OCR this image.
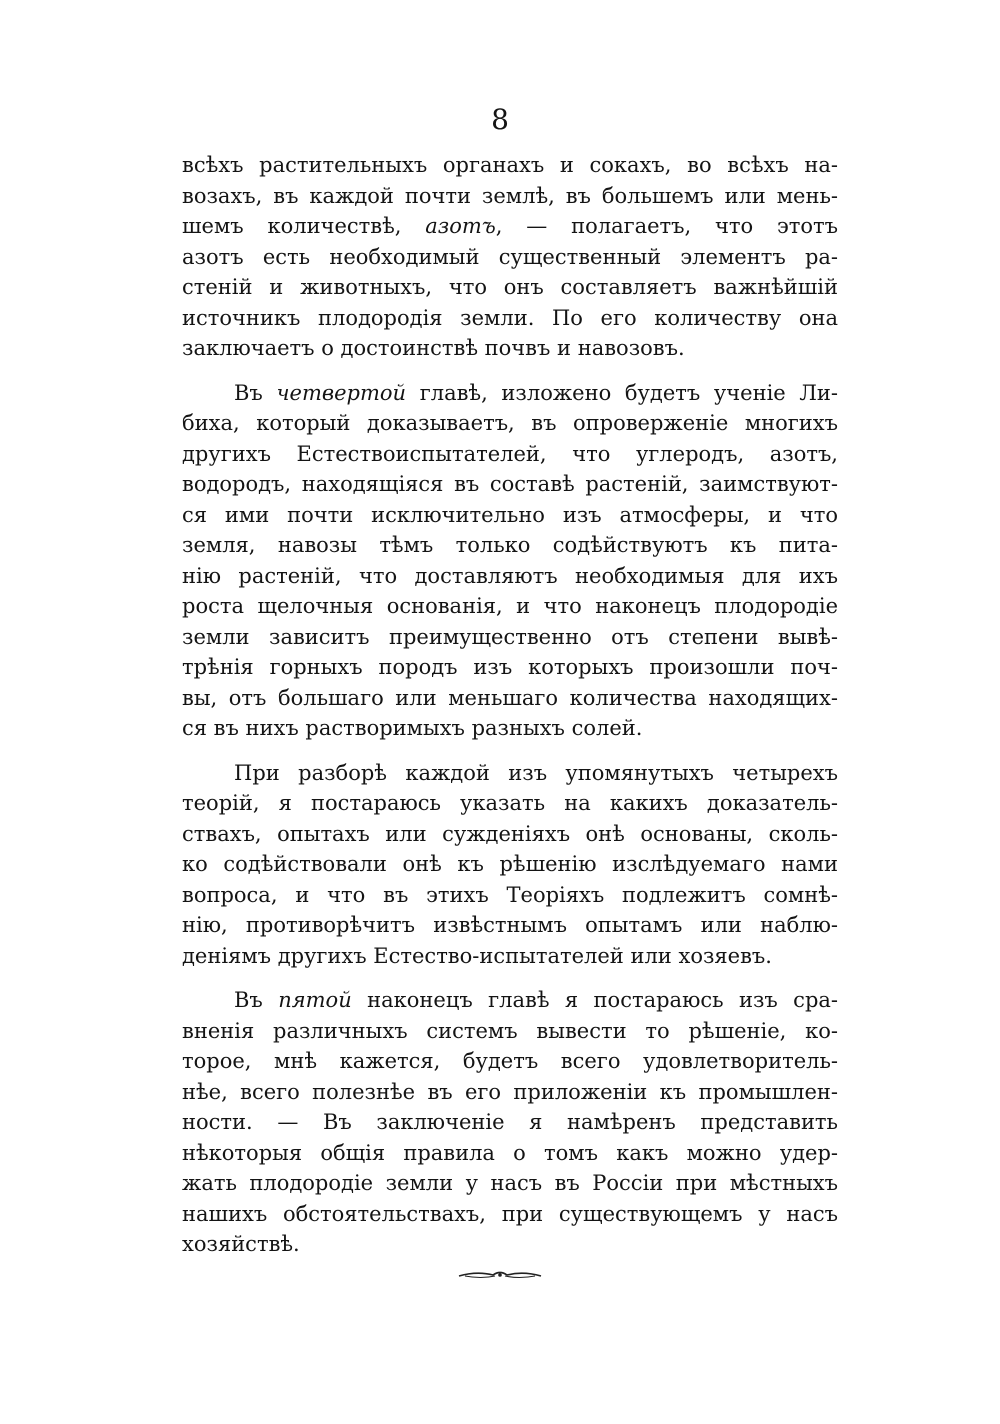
8
всѣхъ растительныхъ органахъ и сокахъ, во всѣхъ на-
возахъ, въ каждой почти землѣ, въ большемъ или мень-
шемъ количествѣ, азотъ, — полагаетъ, что этотъ
азотъ есть необходимый существенный элементъ ра-
стеній и животныхъ, что онъ составляетъ важнѣйшій
источникъ плодородія земли. По его количеству она
заключаетъ о достоинствѣ почвъ и навозовъ.
Въ четвертой главѣ, изложено будетъ ученіе Ли-
биха, который доказываетъ, въ опроверженіе многихъ
другихъ Естествоиспытателей, что углеродъ, азотъ,
водородъ, находящіяся въ составѣ растеній, заимствуют-
ся ими почти исключительно изъ атмосферы, и что
земля, навозы тѣмъ только содѣйствуютъ къ пита-
нію растеній, что доставляютъ необходимыя для ихъ
роста щелочныя основанія, и что наконецъ плодородіе
земли зависитъ преимущественно отъ степени вывѣ-
трѣнія горныхъ породъ изъ которыхъ произошли поч-
вы, отъ большаго или меньшаго количества находящих-
ся въ нихъ растворимыхъ разныхъ солей.
При разборѣ каждой изъ упомянутыхъ четырехъ
теорій, я постараюсь указать на какихъ доказатель-
ствахъ, опытахъ или сужденіяхъ онѣ основаны, сколь-
ко содѣйствовали онѣ къ рѣшенію изслѣдуемаго нами
вопроса, и что въ этихъ Теоріяхъ подлежитъ сомнѣ-
нію, противорѣчитъ извѣстнымъ опытамъ или наблю-
деніямъ другихъ Естество-испытателей или хозяевъ.
Въ пятой наконецъ главѣ я постараюсь изъ сра-
вненія различныхъ системъ вывести то рѣшеніе, ко-
торое, мнѣ кажется, будетъ всего удовлетворитель-
нѣе, всего полезнѣе въ его приложеніи къ промышлен-
ности. — Въ заключеніе я намѣренъ представить
нѣкоторыя общія правила о томъ какъ можно удер-
жать плодородіе земли у насъ въ Россіи при мѣстныхъ
нашихъ обстоятельствахъ, при существующемъ у насъ
хозяйствѣ.
